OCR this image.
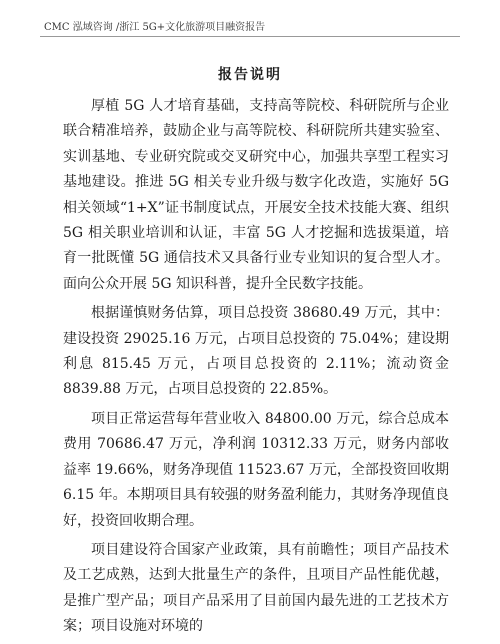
CMC 泓域咨询 /浙江 5G+文化旅游项目融资报告
报告说明

厚植 5G 人才培育基础，支持高等院校、科研院所与企业联合精准培养，鼓励企业与高等院校、科研院所共建实验室、实训基地、专业研究院或交叉研究中心，加强共享型工程实习基地建设。推进 5G 相关专业升级与数字化改造，实施好 5G 相关领域“1+X”证书制度试点，开展安全技术技能大赛、组织 5G 相关职业培训和认证，丰富 5G 人才挖掘和选拔渠道，培育一批既懂 5G 通信技术又具备行业专业知识的复合型人才。面向公众开展 5G 知识科普，提升全民数字技能。

根据谨慎财务估算，项目总投资 38680.49 万元，其中：建设投资 29025.16 万元，占项目总投资的 75.04%；建设期利息 815.45 万元，占项目总投资的 2.11%；流动资金 8839.88 万元，占项目总投资的 22.85%。

项目正常运营每年营业收入 84800.00 万元，综合总成本费用 70686.47 万元，净利润 10312.33 万元，财务内部收益率 19.66%，财务净现值 11523.67 万元，全部投资回收期 6.15 年。本期项目具有较强的财务盈利能力，其财务净现值良好，投资回收期合理。

项目建设符合国家产业政策，具有前瞻性；项目产品技术及工艺成熟，达到大批量生产的条件，且项目产品性能优越，是推广型产品；项目产品采用了目前国内最先进的工艺技术方案；项目设施对环境的
